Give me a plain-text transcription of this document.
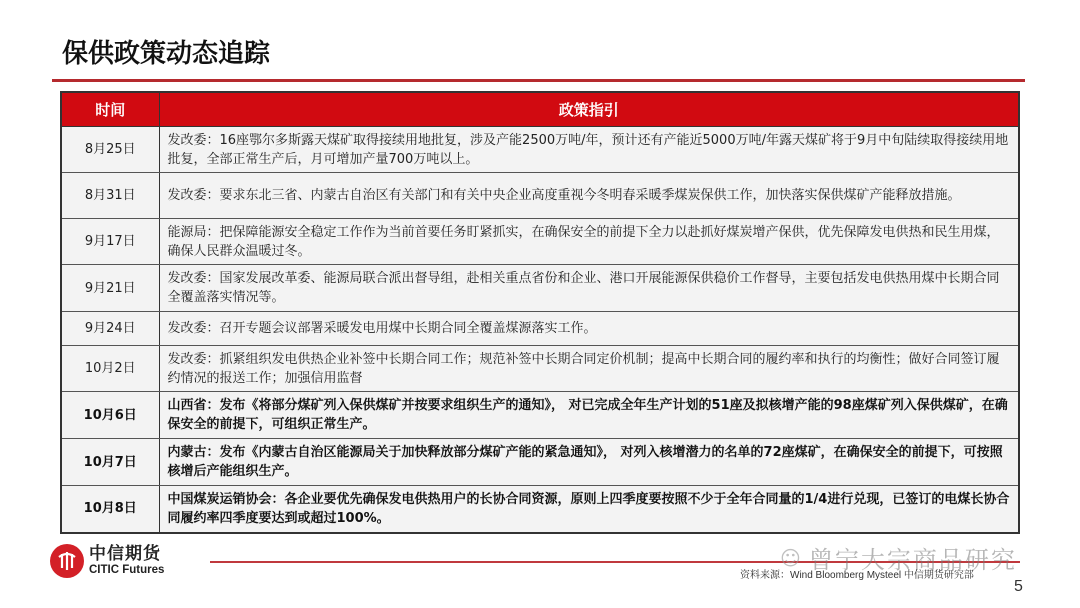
保供政策动态追踪
时间	政策指引
8月25日	发改委：16座鄂尔多斯露天煤矿取得接续用地批复，涉及产能2500万吨/年，预计还有产能近5000万吨/年露天煤矿将于9月中旬陆续取得接续用地批复，全部正常生产后，月可增加产量700万吨以上。
8月31日	发改委：要求东北三省、内蒙古自治区有关部门和有关中央企业高度重视今冬明春采暖季煤炭保供工作，加快落实保供煤矿产能释放措施。
9月17日	能源局：把保障能源安全稳定工作作为当前首要任务盯紧抓实，在确保安全的前提下全力以赴抓好煤炭增产保供，优先保障发电供热和民生用煤，确保人民群众温暖过冬。
9月21日	发改委：国家发展改革委、能源局联合派出督导组，赴相关重点省份和企业、港口开展能源保供稳价工作督导，主要包括发电供热用煤中长期合同全覆盖落实情况等。
9月24日	发改委：召开专题会议部署采暖发电用煤中长期合同全覆盖煤源落实工作。
10月2日	发改委：抓紧组织发电供热企业补签中长期合同工作；规范补签中长期合同定价机制；提高中长期合同的履约率和执行的均衡性；做好合同签订履约情况的报送工作；加强信用监督
10月6日	山西省：发布《将部分煤矿列入保供煤矿并按要求组织生产的通知》， 对已完成全年生产计划的51座及拟核增产能的98座煤矿列入保供煤矿，在确保安全的前提下，可组织正常生产。
10月7日	内蒙古：发布《内蒙古自治区能源局关于加快释放部分煤矿产能的紧急通知》， 对列入核增潜力的名单的72座煤矿，在确保安全的前提下，可按照核增后产能组织生产。
10月8日	中国煤炭运销协会：各企业要优先确保发电供热用户的长协合同资源，原则上四季度要按照不少于全年合同量的1/4进行兑现，已签订的电煤长协合同履约率四季度要达到或超过100%。
中信期货
CITIC Futures
☺ 曾宁大宗商品研究
资料来源：Wind Bloomberg Mysteel 中信期货研究部
5
